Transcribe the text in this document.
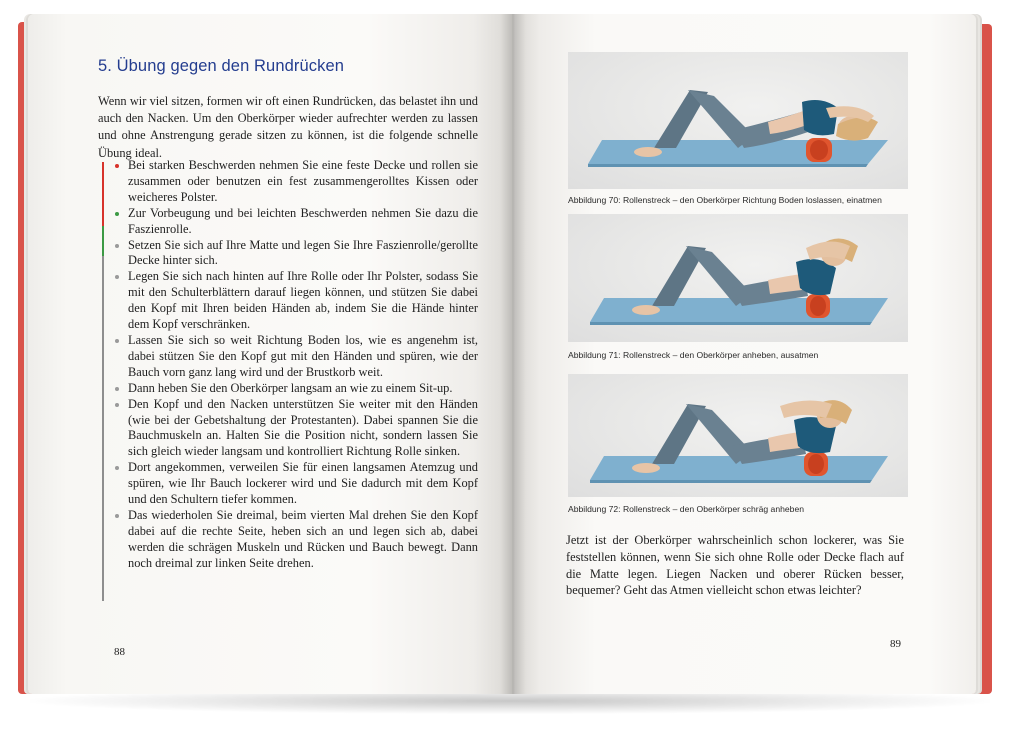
5. Übung gegen den Rundrücken

Wenn wir viel sitzen, formen wir oft einen Rundrücken, das belastet ihn und auch den Nacken. Um den Oberkörper wieder aufrechter werden zu lassen und ohne Anstrengung gerade sitzen zu können, ist die folgende schnelle Übung ideal.

Bei starken Beschwerden nehmen Sie eine feste Decke und rollen sie zusammen oder benutzen ein fest zusammengerolltes Kissen oder weicheres Polster.
Zur Vorbeugung und bei leichten Beschwerden nehmen Sie dazu die Faszienrolle.
Setzen Sie sich auf Ihre Matte und legen Sie Ihre Faszienrolle/gerollte Decke hinter sich.
Legen Sie sich nach hinten auf Ihre Rolle oder Ihr Polster, sodass Sie mit den Schulterblättern darauf liegen können, und stützen Sie dabei den Kopf mit Ihren beiden Händen ab, indem Sie die Hände hinter dem Kopf verschränken.
Lassen Sie sich so weit Richtung Boden los, wie es angenehm ist, dabei stützen Sie den Kopf gut mit den Händen und spüren, wie der Bauch vorn ganz lang wird und der Brustkorb weit.
Dann heben Sie den Oberkörper langsam an wie zu einem Sit-up.
Den Kopf und den Nacken unterstützen Sie weiter mit den Händen (wie bei der Gebetshaltung der Protestanten). Dabei spannen Sie die Bauchmuskeln an. Halten Sie die Position nicht, sondern lassen Sie sich gleich wieder langsam und kontrolliert Richtung Rolle sinken.
Dort angekommen, verweilen Sie für einen langsamen Atemzug und spüren, wie Ihr Bauch lockerer wird und Sie dadurch mit dem Kopf und den Schultern tiefer kommen.
Das wiederholen Sie dreimal, beim vierten Mal drehen Sie den Kopf dabei auf die rechte Seite, heben sich an und legen sich ab, dabei werden die schrägen Muskeln und Rücken und Bauch bewegt. Dann noch dreimal zur linken Seite drehen.
88
Abbildung 70: Rollenstreck – den Oberkörper Richtung Boden loslassen, einatmen
Abbildung 71: Rollenstreck – den Oberkörper anheben, ausatmen
Abbildung 72: Rollenstreck – den Oberkörper schräg anheben

Jetzt ist der Oberkörper wahrscheinlich schon lockerer, was Sie feststellen können, wenn Sie sich ohne Rolle oder Decke flach auf die Matte legen. Liegen Nacken und oberer Rücken besser, bequemer? Geht das Atmen vielleicht schon etwas leichter?

89
